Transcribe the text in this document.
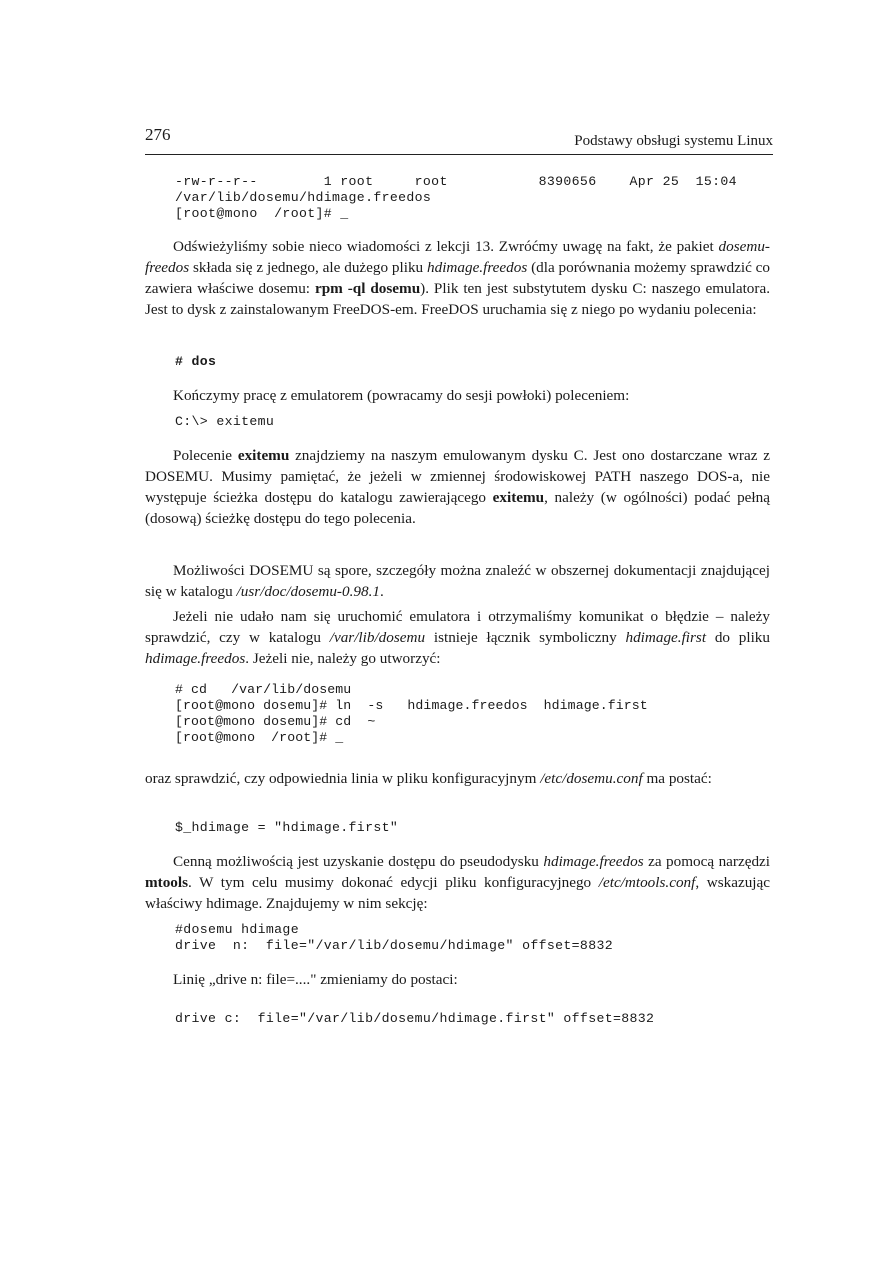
276	Podstawy obsługi systemu Linux
-rw-r--r--        1 root     root           8390656    Apr 25  15:04
/var/lib/dosemu/hdimage.freedos
[root@mono  /root]# _

Odświeżyliśmy sobie nieco wiadomości z lekcji 13. Zwróćmy uwagę na fakt, że pakiet dosemu-freedos składa się z jednego, ale dużego pliku hdimage.freedos (dla porównania możemy sprawdzić co zawiera właściwe dosemu: rpm -ql dosemu). Plik ten jest substytutem dysku C: naszego emulatora. Jest to dysk z zainstalowanym FreeDOS-em. FreeDOS uruchamia się z niego po wydaniu polecenia:

# dos

Kończymy pracę z emulatorem (powracamy do sesji powłoki) poleceniem:

C:\> exitemu

Polecenie exitemu znajdziemy na naszym emulowanym dysku C. Jest ono dostarczane wraz z DOSEMU. Musimy pamiętać, że jeżeli w zmiennej środowiskowej PATH naszego DOS-a, nie występuje ścieżka dostępu do katalogu zawierającego exitemu, należy (w ogólności) podać pełną (dosową) ścieżkę dostępu do tego polecenia.

Możliwości DOSEMU są spore, szczegóły można znaleźć w obszernej dokumentacji znajdującej się w katalogu /usr/doc/dosemu-0.98.1.

Jeżeli nie udało nam się uruchomić emulatora i otrzymaliśmy komunikat o błędzie – należy sprawdzić, czy w katalogu /var/lib/dosemu istnieje łącznik symboliczny hdimage.first do pliku hdimage.freedos. Jeżeli nie, należy go utworzyć:

# cd   /var/lib/dosemu
[root@mono dosemu]# ln  -s   hdimage.freedos  hdimage.first
[root@mono dosemu]# cd  ~
[root@mono  /root]# _

oraz sprawdzić, czy odpowiednia linia w pliku konfiguracyjnym /etc/dosemu.conf ma postać:

$_hdimage = "hdimage.first"

Cenną możliwością jest uzyskanie dostępu do pseudodysku hdimage.freedos za pomocą narzędzi mtools. W tym celu musimy dokonać edycji pliku konfiguracyjnego /etc/mtools.conf, wskazując właściwy hdimage. Znajdujemy w nim sekcję:

#dosemu hdimage
drive  n:  file="/var/lib/dosemu/hdimage" offset=8832

Linię „drive n: file=...." zmieniamy do postaci:

drive c:  file="/var/lib/dosemu/hdimage.first" offset=8832
